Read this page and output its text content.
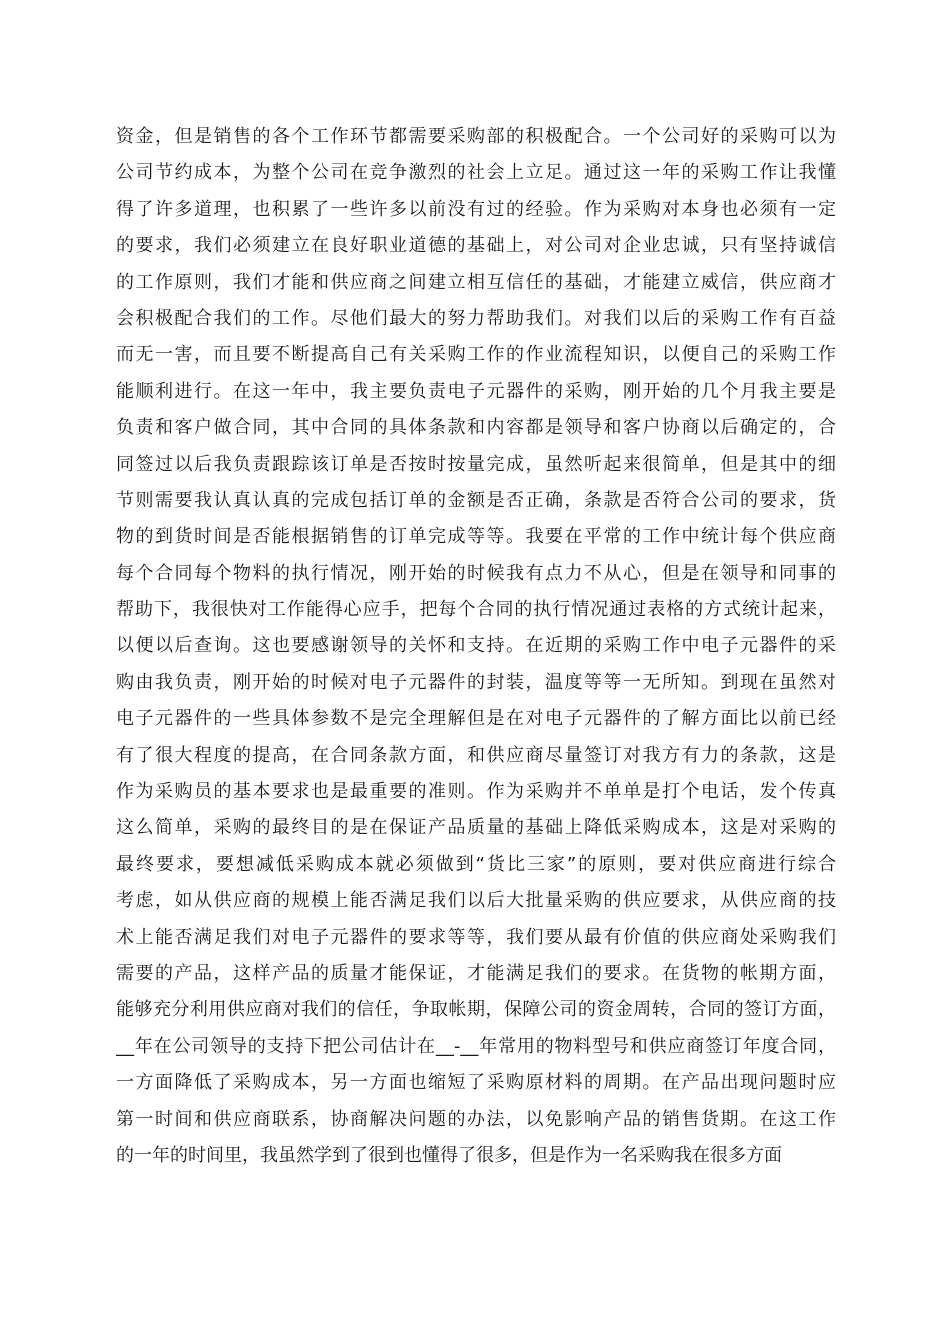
资金，但是销售的各个工作环节都需要采购部的积极配合。一个公司好的采购可以为
公司节约成本，为整个公司在竞争激烈的社会上立足。通过这一年的采购工作让我懂
得了许多道理，也积累了一些许多以前没有过的经验。作为采购对本身也必须有一定
的要求，我们必须建立在良好职业道德的基础上，对公司对企业忠诚，只有坚持诚信
的工作原则，我们才能和供应商之间建立相互信任的基础，才能建立威信，供应商才
会积极配合我们的工作。尽他们最大的努力帮助我们。对我们以后的采购工作有百益
而无一害，而且要不断提高自己有关采购工作的作业流程知识，以便自己的采购工作
能顺利进行。在这一年中，我主要负责电子元器件的采购，刚开始的几个月我主要是
负责和客户做合同，其中合同的具体条款和内容都是领导和客户协商以后确定的，合
同签过以后我负责跟踪该订单是否按时按量完成，虽然听起来很简单，但是其中的细
节则需要我认真认真的完成包括订单的金额是否正确，条款是否符合公司的要求，货
物的到货时间是否能根据销售的订单完成等等。我要在平常的工作中统计每个供应商
每个合同每个物料的执行情况，刚开始的时候我有点力不从心，但是在领导和同事的
帮助下，我很快对工作能得心应手，把每个合同的执行情况通过表格的方式统计起来，
以便以后查询。这也要感谢领导的关怀和支持。在近期的采购工作中电子元器件的采
购由我负责，刚开始的时候对电子元器件的封装，温度等等一无所知。到现在虽然对
电子元器件的一些具体参数不是完全理解但是在对电子元器件的了解方面比以前已经
有了很大程度的提高，在合同条款方面，和供应商尽量签订对我方有力的条款，这是
作为采购员的基本要求也是最重要的准则。作为采购并不单单是打个电话，发个传真
这么简单，采购的最终目的是在保证产品质量的基础上降低采购成本，这是对采购的
最终要求，要想减低采购成本就必须做到“货比三家”的原则，要对供应商进行综合
考虑，如从供应商的规模上能否满足我们以后大批量采购的供应要求，从供应商的技
术上能否满足我们对电子元器件的要求等等，我们要从最有价值的供应商处采购我们
需要的产品，这样产品的质量才能保证，才能满足我们的要求。在货物的帐期方面，
能够充分利用供应商对我们的信任，争取帐期，保障公司的资金周转，合同的签订方面，
__年在公司领导的支持下把公司估计在__-__年常用的物料型号和供应商签订年度合同，
一方面降低了采购成本，另一方面也缩短了采购原材料的周期。在产品出现问题时应
第一时间和供应商联系，协商解决问题的办法，以免影响产品的销售货期。在这工作
的一年的时间里，我虽然学到了很到也懂得了很多，但是作为一名采购我在很多方面
